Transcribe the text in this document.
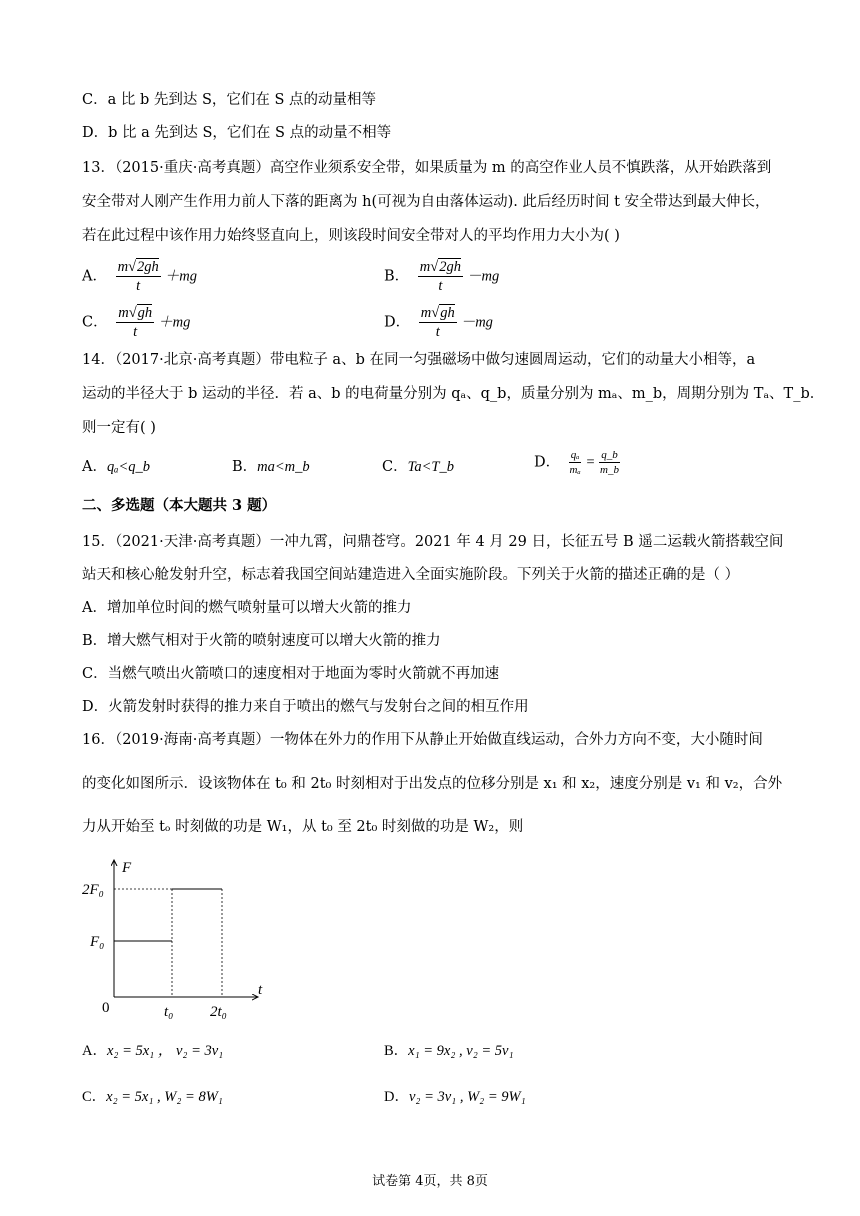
C．a 比 b 先到达 S，它们在 S 点的动量相等
D．b 比 a 先到达 S，它们在 S 点的动量不相等
13．（2015·重庆·高考真题）高空作业须系安全带，如果质量为 m 的高空作业人员不慎跌落，从开始跌落到
安全带对人刚产生作用力前人下落的距离为 h(可视为自由落体运动). 此后经历时间 t 安全带达到最大伸长，
若在此过程中该作用力始终竖直向上，则该段时间安全带对人的平均作用力大小为( )
A． $\frac{m√2gh}{t} +mg$	B． $\frac{m√2gh}{t} -mg$
C． $\frac{m√gh}{t} +mg$	D． $\frac{m√gh}{t} -mg$
14．（2017·北京·高考真题）带电粒子 a、b 在同一匀强磁场中做匀速圆周运动，它们的动量大小相等，a
运动的半径大于 b 运动的半径．若 a、b 的电荷量分别为 qₐ、q_b，质量分别为 mₐ、m_b，周期分别为 Tₐ、T_b．
则一定有( )
A．qₐ<q_b	B．ma<m_b	C．Ta<T_b	D． $\frac{\text{qₐ}}{\text{mₐ}} = \frac{q\_b}{m\_b}$
二、多选题（本大题共 3 题）
15．（2021·天津·高考真题）一冲九霄，问鼎苍穹。2021 年 4 月 29 日，长征五号 B 遥二运载火箭搭载空间
站天和核心舱发射升空，标志着我国空间站建造进入全面实施阶段。下列关于火箭的描述正确的是（ ）
A．增加单位时间的燃气喷射量可以增大火箭的推力
B．增大燃气相对于火箭的喷射速度可以增大火箭的推力
C．当燃气喷出火箭喷口的速度相对于地面为零时火箭就不再加速
D．火箭发射时获得的推力来自于喷出的燃气与发射台之间的相互作用
16．（2019·海南·高考真题）一物体在外力的作用下从静止开始做直线运动，合外力方向不变，大小随时间
的变化如图所示．设该物体在 t₀ 和 2t₀ 时刻相对于出发点的位移分别是 x₁ 和 x₂，速度分别是 v₁ 和 v₂，合外
力从开始至 tₒ 时刻做的功是 W₁，从 t₀ 至 2t₀ 时刻做的功是 W₂，则
F
t
0
2F₀
F₀
t₀ 2t₀
A．x₂ = 5x₁ ， v₂ = 3v₁	B．x₁ = 9x₂ , v₂ = 5v₁
C．x₂ = 5x₁ , W₂ = 8W₁	D．v₂ = 3v₁ , W₂ = 9W₁
试卷第 4页，共 8页
